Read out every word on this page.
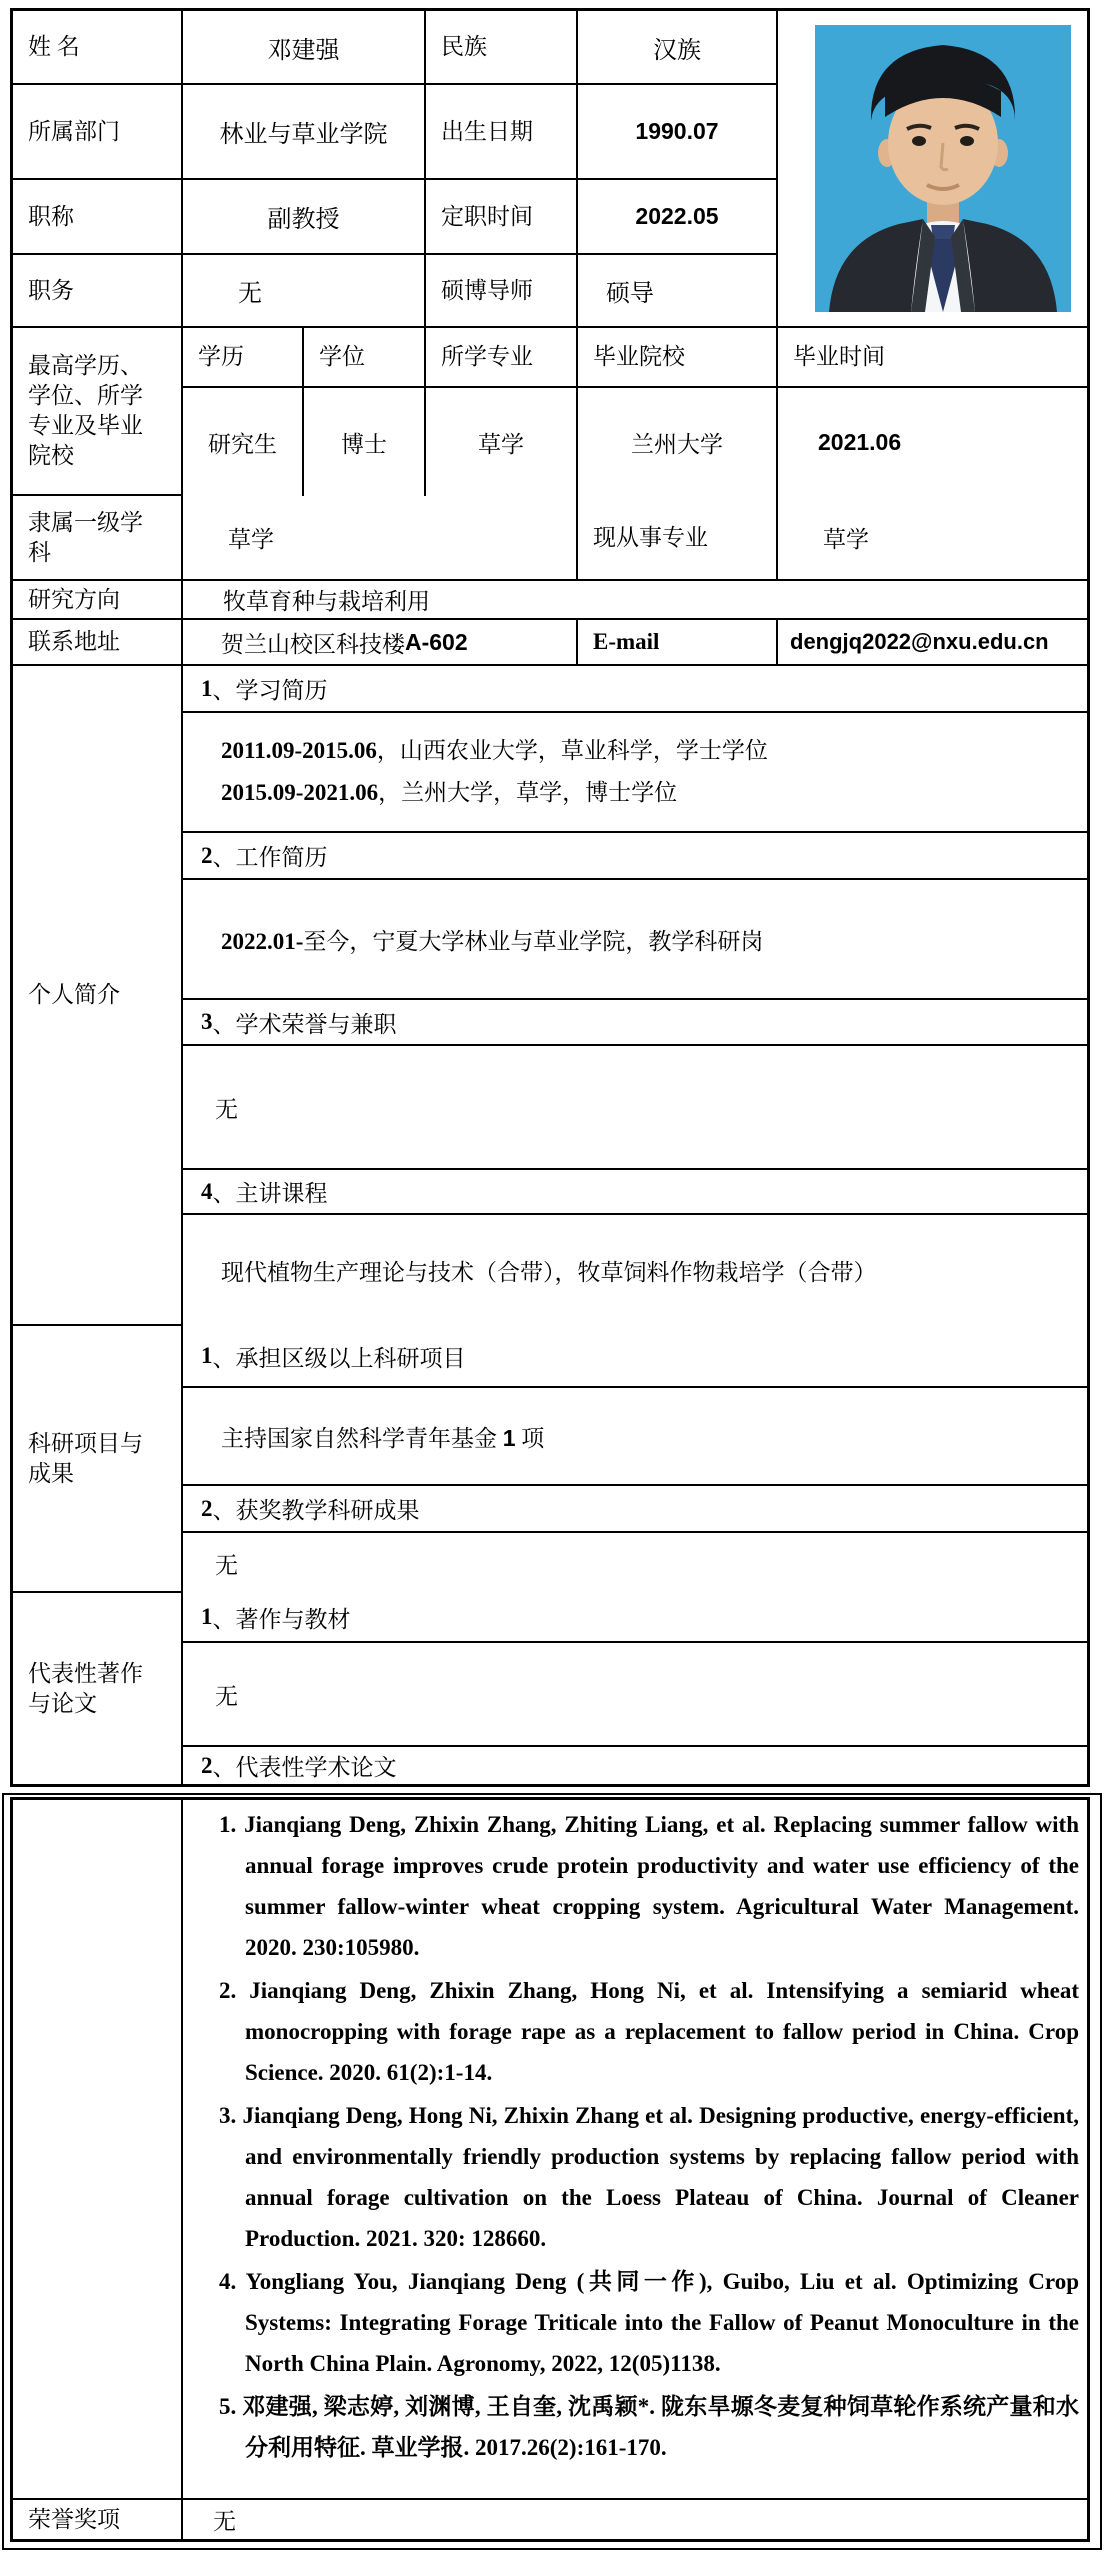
姓 名	邓建强	民族	汉族
所属部门	林业与草业学院	出生日期	1990.07
职称	副教授	定职时间	2022.05
职务	无	硕博导师	硕导
最高学历、学位、所学专业及毕业院校
学历	学位	所学专业	毕业院校	毕业时间
研究生	博士	草学	兰州大学	2021.06
隶属一级学科	草学	现从事专业	草学
研究方向	牧草育种与栽培利用
联系地址	贺兰山校区科技楼 A-602	E-mail	dengjq2022@nxu.edu.cn
个人简介
1 、学习简历
2011.09-2015.06，山西农业大学，草业科学，学士学位
2015.09-2021.06，兰州大学，草学，博士学位
2 、工作简历
2022.01-至今，宁夏大学林业与草业学院，教学科研岗
3 、学术荣誉与兼职
无
4 、主讲课程
现代植物生产理论与技术（合带），牧草饲料作物栽培学（合带）
科研项目与成果
1 、承担区级以上科研项目
主持国家自然科学青年基金 1 项
2 、获奖教学科研成果
无
代表性著作与论文
1 、著作与教材
无
2 、代表性学术论文

1. Jianqiang Deng, Zhixin Zhang, Zhiting Liang, et al. Replacing summer fallow with annual forage improves crude protein productivity and water use efficiency of the summer fallow-winter wheat cropping system. Agricultural Water Management. 2020. 230:105980.

2. Jianqiang Deng, Zhixin Zhang, Hong Ni, et al. Intensifying a semiarid wheat monocropping with forage rape as a replacement to fallow period in China. Crop Science. 2020. 61(2):1-14.

3. Jianqiang Deng, Hong Ni, Zhixin Zhang et al. Designing productive, energy-efficient, and environmentally friendly production systems by replacing fallow period with annual forage cultivation on the Loess Plateau of China. Journal of Cleaner Production. 2021. 320: 128660.

4. Yongliang You, Jianqiang Deng (共同一作), Guibo, Liu et al. Optimizing Crop Systems: Integrating Forage Triticale into the Fallow of Peanut Monoculture in the North China Plain. Agronomy, 2022, 12(05)1138.

5. 邓建强, 梁志婷, 刘渊博, 王自奎, 沈禹颖*. 陇东旱塬冬麦复种饲草轮作系统产量和水分利用特征. 草业学报. 2017.26(2):161-170.

荣誉奖项	无
